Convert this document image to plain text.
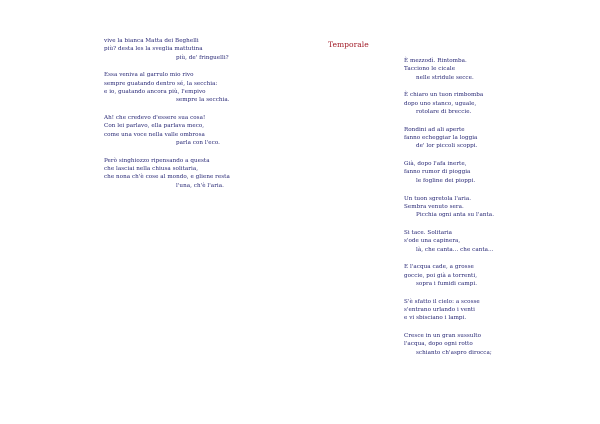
vive la bianca Matta dei Beghelli
più? desta les la sveglia mattutina
più, de' fringuelli?
Essa veniva al garrulo mio rivo
sempre guatando dentro sé, la secchia:
e io, guatando ancora più, l'empivo
sempre la secchia.
Ah! che credevo d'essere sua cosa!
Con lei parlavo, ella parlava meco,
come una voce nella valle ombrosa
parla con l'eco.
Però singhiozzo ripensando a questa
che lasciai nella chiusa solitaria,
che nona ch'è cose al mondo, e gliene resta
l'una, ch'è l'aria.
Temporale
È mezzodì. Rintomba.
Tacciono le cicale
nelle stridule secce.
È chiaro un tuon rimbomba
dopo uno stanco, uguale,
rotolare di breccie.
Rondini ad ali aperte
fanno echeggiar la loggia
de' lor piccoli scoppi.
Già, dopo l'afa inerte,
fanno rumor di pioggia
le fogline dei pioppi.
Un tuon sgretola l'aria.
Sembra venuto sera.
Picchia ogni anta su l'anta.
Si tace. Solitaria
s'ode una capinera,
là, che canta... che canta...
E l'acqua cade, a grosse
goccie, poi già a torrenti,
sopra i fumidi campi.
S'è sfatto il cielo: a scosse
s'entrano urlando i venti
e vi sbisciano i lampi.
Cresce in un gran sussulto
l'acqua, dopo ogni rotto
schianto ch'aspro dirocca;
